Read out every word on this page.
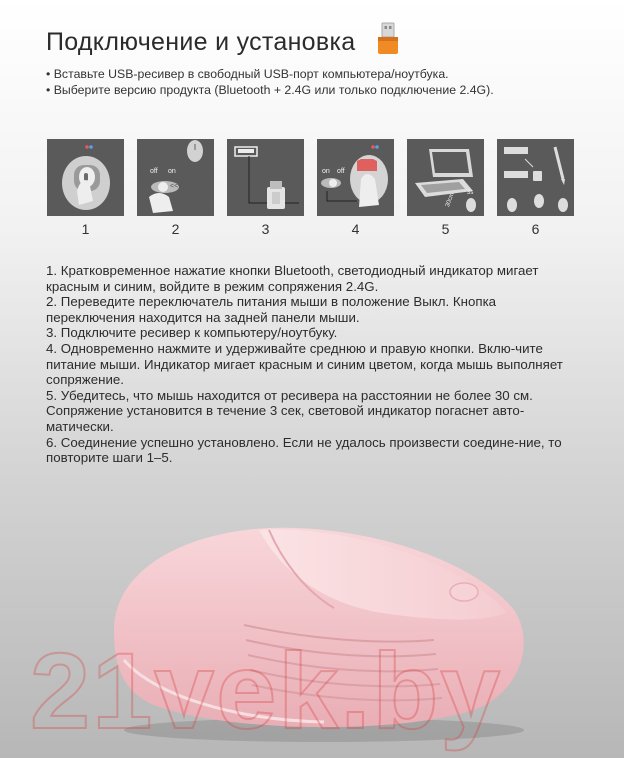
Подключение и установка
• Вставьте USB-ресивер в свободный USB-порт компьютера/ноутбука.
• Выберите версию продукта (Bluetooth + 2.4G или только подключение 2.4G).
1
off on
<<<
2	3
on off
4
3s
30cm
5	6

1. Кратковременное нажатие кнопки Bluetooth, светодиодный индикатор мигает красным и синим, войдите в режим сопряжения 2.4G.

2. Переведите переключатель питания мыши в положение Выкл. Кнопка переключения находится на задней панели мыши.

3. Подключите ресивер к компьютеру/ноутбуку.

4. Одновременно нажмите и удерживайте среднюю и правую кнопки. Вклю-чите питание мыши. Индикатор мигает красным и синим цветом, когда мышь выполняет сопряжение.

5. Убедитесь, что мышь находится от ресивера на расстоянии не более 30 см. Сопряжение установится в течение 3 сек, световой индикатор погаснет авто-матически.

6. Соединение успешно установлено. Если не удалось произвести соедине-ние, то повторите шаги 1–5.

21vek.by
